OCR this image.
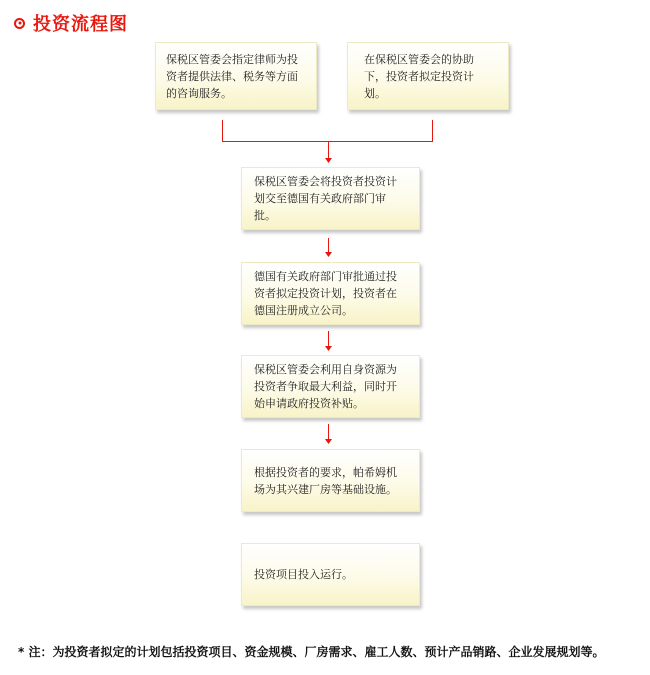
投资流程图
保税区管委会指定律师为投资者提供法律、税务等方面的咨询服务。
在保税区管委会的协助下，投资者拟定投资计划。
保税区管委会将投资者投资计划交至德国有关政府部门审批。
德国有关政府部门审批通过投资者拟定投资计划，投资者在德国注册成立公司。
保税区管委会利用自身资源为投资者争取最大利益，同时开始申请政府投资补贴。
根据投资者的要求，帕希姆机场为其兴建厂房等基础设施。
投资项目投入运行。
* 注：为投资者拟定的计划包括投资项目、资金规模、厂房需求、雇工人数、预计产品销路、企业发展规划等。
